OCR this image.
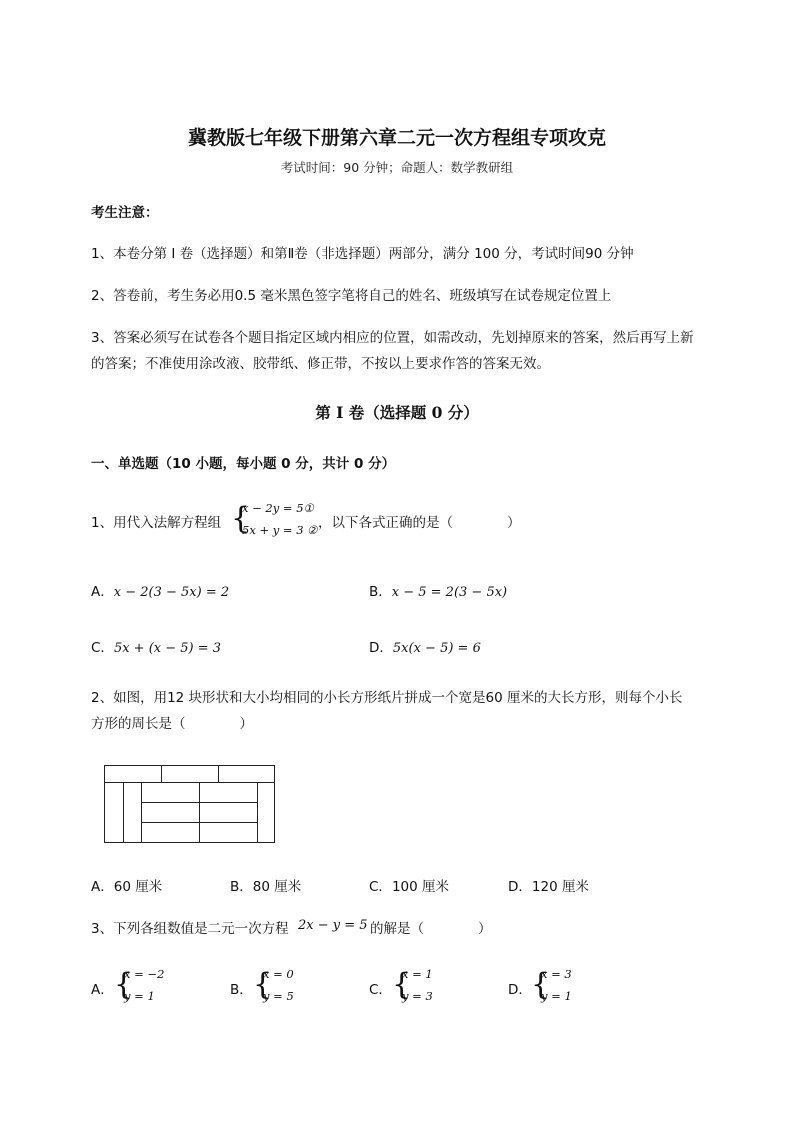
冀教版七年级下册第六章二元一次方程组专项攻克
考试时间：90 分钟；命题人：数学教研组
考生注意：
1、本卷分第 I 卷（选择题）和第Ⅱ卷（非选择题）两部分，满分 100 分，考试时间90 分钟
2、答卷前，考生务必用0.5 毫米黑色签字笔将自己的姓名、班级填写在试卷规定位置上
3、答案必须写在试卷各个题目指定区域内相应的位置，如需改动，先划掉原来的答案，然后再写上新
的答案；不准使用涂改液、胶带纸、修正带，不按以上要求作答的答案无效。
第 I 卷（选择题 0 分）
一、单选题（10 小题，每小题 0 分，共计 0 分）
1、用代入法解方程组 {
x − 2y = 5①
5x + y = 3 ② ，以下各式正确的是（　　　　）
A．x − 2(3 − 5x) = 2	B．x − 5 = 2(3 − 5x)
C．5x + (x − 5) = 3	D．5x(x − 5) = 6
2、如图，用12 块形状和大小均相同的小长方形纸片拼成一个宽是60 厘米的大长方形，则每个小长
方形的周长是（　　　　）
A．60 厘米	B．80 厘米	C．100 厘米	D．120 厘米
3、下列各组数值是二元一次方程 2x − y = 5 的解是（　　　　）
A． {
x = −2
y = 1	B． {
x = 0
y = 5	C． {
x = 1
y = 3	D． {
x = 3
y = 1
